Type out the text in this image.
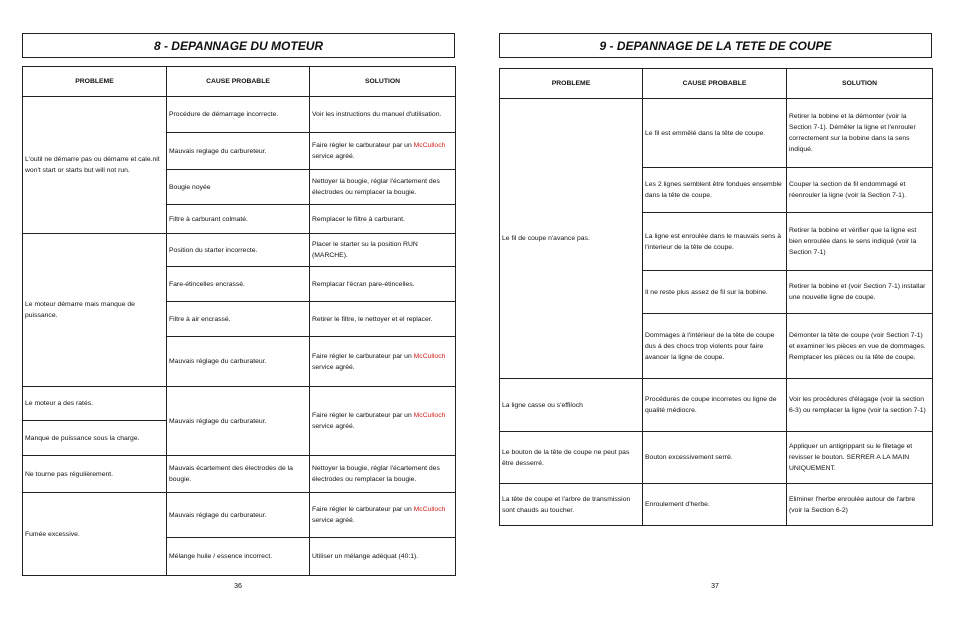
8 - DEPANNAGE DU MOTEUR
PROBLEME	CAUSE PROBABLE	SOLUTION
L'outil ne démarre pas ou démarre et cale.nit won't start or starts but will not run.	Procédure de démarrage incorrecte.	Voir les instructions du manuel d'utilisation.
	Mauvais reglage du carbureteur.	Faire régler le carburateur par un McCulloch service agréé.
	Bougie noyée	Nettoyer la bougie, réglar l'écartement des électrodes ou remplacer la bougie.
	Filtre à carburant colmaté.	Remplacer le filtre à carburant.
Le moteur démarre mais manque de puissance.	Position du starter incorrecte.	Placer le starter su la position RUN (MARCHE).
	Fare-étincelles encrassé.	Remplacar l'écran pare-étincelles.
	Filtre à air encrassé.	Retirer le filtre, le nettoyer et el replacer.
	Mauvais réglage du carburateur.	Faire régler le carburateur par un McCulloch service agréé.
Le moteur a des ratés.	Mauvais réglage du carburateur.	Faire régler le carburateur par un McCulloch service agréé.
Manque de puissance sous la charge.		
Ne tourne pas régulièrement.	Mauvais écartement des électrodes de la bougie.	Nettoyer la bougie, réglar l'écartement des électrodes ou remplacer la bougie.
Fumée excessive.	Mauvais réglage du carburateur.	Faire régler le carburateur par un McCulloch service agréé.
	Mélange huile / essence incorrect.	Utiliser un mélange adéquat (40:1).
36
9 - DEPANNAGE DE LA TETE DE COUPE
PROBLEME	CAUSE PROBABLE	SOLUTION
Le fil de coupe n'avance pas.	Le fil est emmêlé dans la tête de coupe.	Retirer la bobine et la démonter (voir la Section 7-1). Démêler la ligne et l'enrouler correctement sur la bobine dans la sens indiqué.
	Les 2 lignes semblent être fondues ensemble dans la tête de coupe.	Couper la section de fil endommagé et réenrouler la ligne (voir la Section 7-1).
	La ligne est enroulée dans le mauvais sens à l'interieur de la tête de coupe.	Retirer la bobine et vérifier que la ligne est bien enroulée dans le sens indiqué (voir la Section 7-1)
	Il ne reste plus assez de fil sur la bobine.	Retirer la bobine et (voir Section 7-1) installar une nouvelle ligne de coupe.
	Dommages á l'intérieur de la tête de coupe dus á des chocs trop violents pour faire avancer la ligne de coupe.	Démonter la tête de coupe (voir Section 7-1) et examiner les pièces en vue de dommages. Remplacer les pièces ou la tête de coupe.
La ligne casse ou s'effiloch	Procédures de coupe incorretes ou ligne de qualité médiocre.	Voir les procédures d'élagage (voir la section 6-3) ou remplacer la ligne (voir la section 7-1)
Le bouton de la tête de coupe ne peut pas être desserré.	Bouton excessivement serré.	Appliquer un antigrippant su le filetage et revisser le bouton. SERRER A LA MAIN UNIQUEMENT.
La tête de coupe et l'arbre de transmission sont chauds au toucher.	Enroulement d'herbe.	Eliminer l'herbe enroulée autour de l'arbre (voir la Section 6-2)
37
